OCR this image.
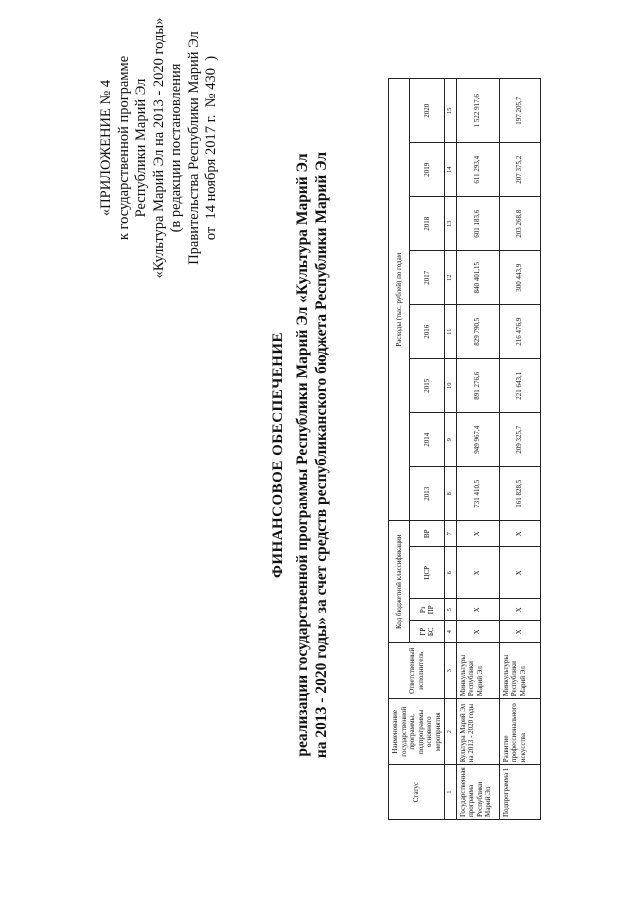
«ПРИЛОЖЕНИЕ № 4 к государственной программе Республики Марий Эл «Культура Марий Эл на 2013 - 2020 годы» (в редакции постановления Правительства Республики Марий Эл от  14 ноября 2017 г.  № 430  )
ФИНАНСОВОЕ ОБЕСПЕЧЕНИЕ реализации государственной программы Республики Марий Эл «Культура Марий Эл на 2013 - 2020 годы» за счет средств республиканского бюджета Республики Марий Эл
Статус	Наименование государственной программы, подпрограммы основного мероприятия	Ответственный исполнитель	Код бюджетной классификации				Расходы (тыс. рублей) по годам							
			ГР БС	Рз ПР	ЦСР	ВР	2013	2014	2015	2016	2017	2018	2019	2020
1	2	3	4	5	6	7	8	9	10	11	12	13	14	15
Государственная программа Республики Марий Эл	Культура Марий Эл на 2013 - 2020 годы	Минкультуры Республики Марий Эл	Х	Х	Х	Х	731 410,5	949 967,4	891 276,6	829 790,5	840 401,15	601 183,6	611 293,4	1 522 917,6
Подпрограмма 1	Развитие профессионального искусства	Минкультуры Республики Марий Эл	Х	Х	Х	Х	161 828,5	209 325,7	221 643,1	216 476,9	300 443,9	203 268,8	207 375,2	197 205,7
